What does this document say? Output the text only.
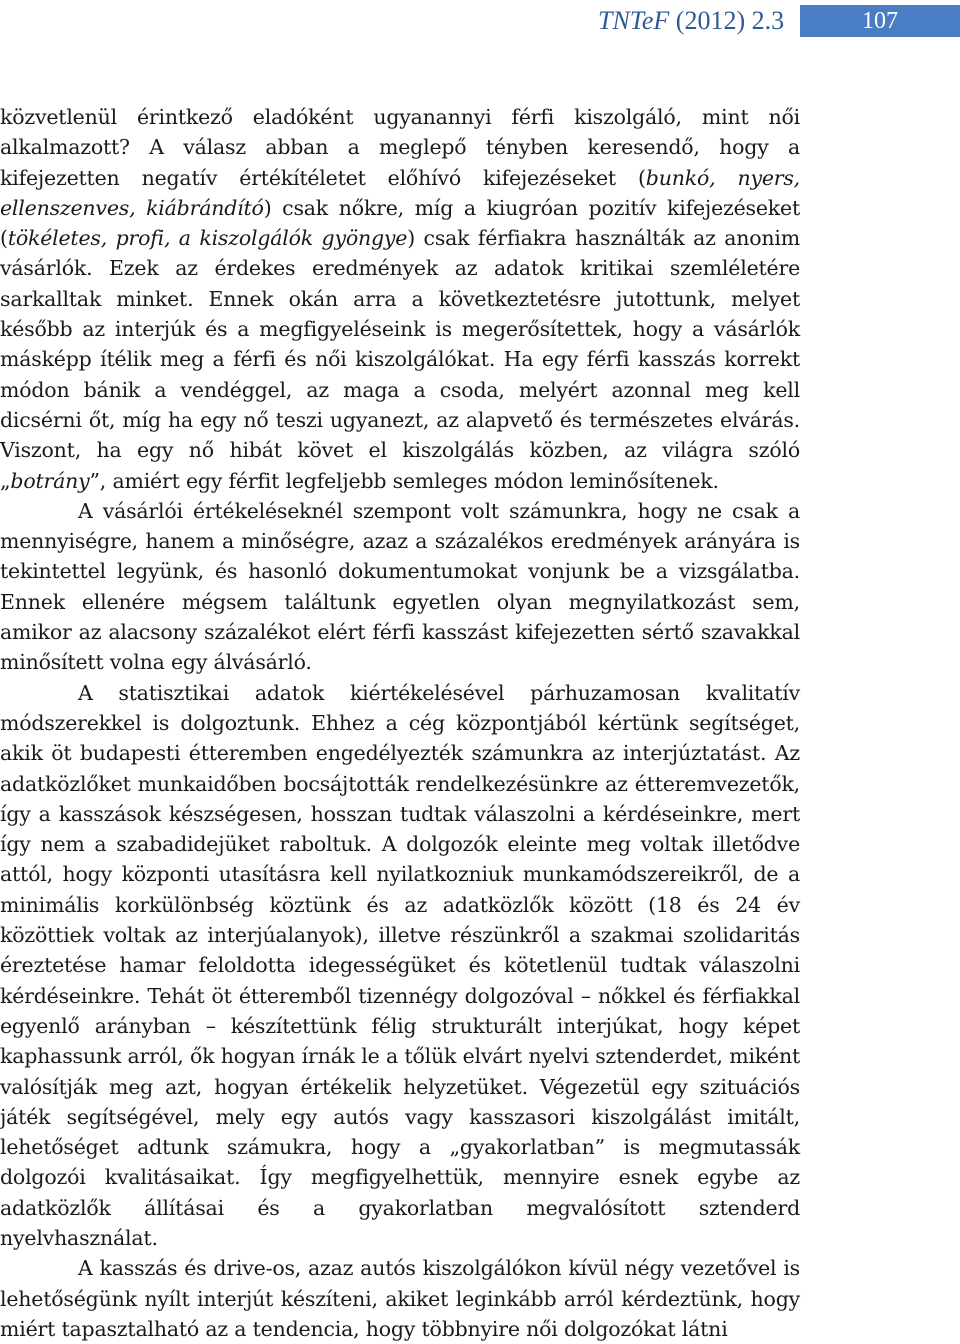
TNTeF (2012) 2.3	107

közvetlenül érintkező eladóként ugyanannyi férfi kiszolgáló, mint női alkalmazott? A válasz abban a meglepő tényben keresendő, hogy a kifejezetten negatív értékítéletet előhívó kifejezéseket (bunkó, nyers, ellenszenves, kiábrándító) csak nőkre, míg a kiugróan pozitív kifejezéseket (tökéletes, profi, a kiszolgálók gyöngye) csak férfiakra használták az anonim vásárlók. Ezek az érdekes eredmények az adatok kritikai szemléletére sarkalltak minket. Ennek okán arra a következtetésre jutottunk, melyet később az interjúk és a megfigyeléseink is megerősítettek, hogy a vásárlók másképp ítélik meg a férfi és női kiszolgálókat. Ha egy férfi kasszás korrekt módon bánik a vendéggel, az maga a csoda, melyért azonnal meg kell dicsérni őt, míg ha egy nő teszi ugyanezt, az alapvető és természetes elvárás. Viszont, ha egy nő hibát követ el kiszolgálás közben, az világra szóló „botrány”, amiért egy férfit legfeljebb semleges módon leminősítenek.

A vásárlói értékeléseknél szempont volt számunkra, hogy ne csak a mennyiségre, hanem a minőségre, azaz a százalékos eredmények arányára is tekintettel legyünk, és hasonló dokumentumokat vonjunk be a vizsgálatba. Ennek ellenére mégsem találtunk egyetlen olyan megnyilatkozást sem, amikor az alacsony százalékot elért férfi kasszást kifejezetten sértő szavakkal minősített volna egy álvásárló.

A statisztikai adatok kiértékelésével párhuzamosan kvalitatív módszerekkel is dolgoztunk. Ehhez a cég központjából kértünk segítséget, akik öt budapesti étteremben engedélyezték számunkra az interjúztatást. Az adatközlőket munkaidőben bocsájtották rendelkezésünkre az étteremvezetők, így a kasszások készségesen, hosszan tudtak válaszolni a kérdéseinkre, mert így nem a szabadidejüket raboltuk. A dolgozók eleinte meg voltak illetődve attól, hogy központi utasításra kell nyilatkozniuk munkamódszereikről, de a minimális korkülönbség köztünk és az adatközlők között (18 és 24 év közöttiek voltak az interjúalanyok), illetve részünkről a szakmai szolidaritás éreztetése hamar feloldotta idegességüket és kötetlenül tudtak válaszolni kérdéseinkre. Tehát öt étteremből tizennégy dolgozóval – nőkkel és férfiakkal egyenlő arányban – készítettünk félig strukturált interjúkat, hogy képet kaphassunk arról, ők hogyan írnák le a tőlük elvárt nyelvi sztenderdet, miként valósítják meg azt, hogyan értékelik helyzetüket. Végezetül egy szituációs játék segítségével, mely egy autós vagy kasszasori kiszolgálást imitált, lehetőséget adtunk számukra, hogy a „gyakorlatban” is megmutassák dolgozói kvalitásaikat. Így megfigyelhettük, mennyire esnek egybe az adatközlők állításai és a gyakorlatban megvalósított sztenderd nyelvhasználat.

A kasszás és drive-os, azaz autós kiszolgálókon kívül négy vezetővel is lehetőségünk nyílt interjút készíteni, akiket leginkább arról kérdeztünk, hogy miért tapasztalható az a tendencia, hogy többnyire női dolgozókat látni
